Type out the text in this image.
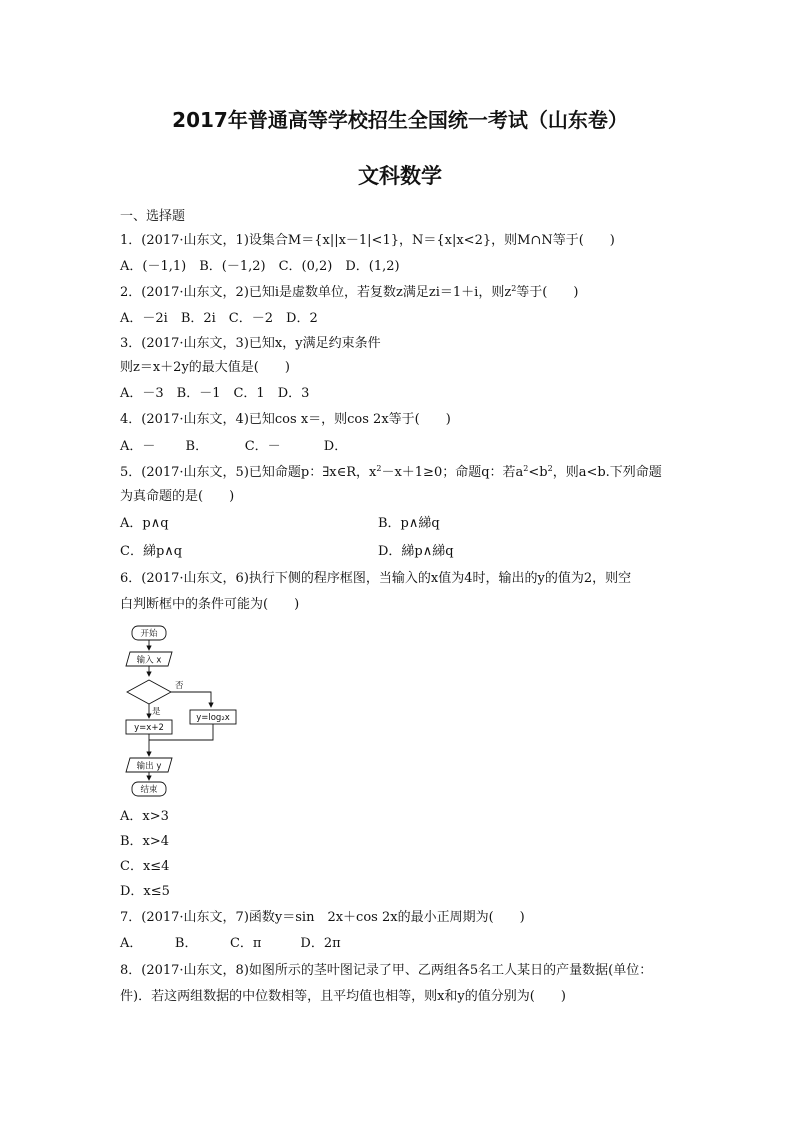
2017年普通高等学校招生全国统一考试（山东卷）
文科数学
一、选择题
1．(2017·山东文，1)设集合M＝{x||x－1|<1}，N＝{x|x<2}，则M∩N等于(　　)
A．(－1,1)　B．(－1,2)　C．(0,2)　D．(1,2)
2．(2017·山东文，2)已知i是虚数单位，若复数z满足zi＝1＋i，则$z^2$等于(　　)
A．－2i　B．2i　C．－2　D．2
3．(2017·山东文，3)已知x，y满足约束条件
则z＝x＋2y的最大值是(　　)
A．－3　B．－1　C．1　D．3
4．(2017·山东文，4)已知cos x＝，则cos 2x等于(　　)
A．－　　 B．　　　 C．－　　　 D．
5．(2017·山东文，5)已知命题p：∃x∈R，$x^2-x+1\ge 0$；命题q：若$a^2<b^2$，则a<b.下列命题
为真命题的是(　　)
A．p∧q	B．p∧綈q
C．綈p∧q	D．綈p∧綈q
6．(2017·山东文，6)执行下侧的程序框图，当输入的x值为4时，输出的y的值为2，则空
白判断框中的条件可能为(　　)
开始
输入 x
否
是
y=x+2
y=log₂x
输出 y
结束
A．x>3
B．x>4
C．x≤4
D．x≤5
7．(2017·山东文，7)函数y＝sin　2x＋cos 2x的最小正周期为(　　)
A．　　　B．　　　C．π　　　D．2π
8．(2017·山东文，8)如图所示的茎叶图记录了甲、乙两组各5名工人某日的产量数据(单位：
件)．若这两组数据的中位数相等，且平均值也相等，则x和y的值分别为(　　)
